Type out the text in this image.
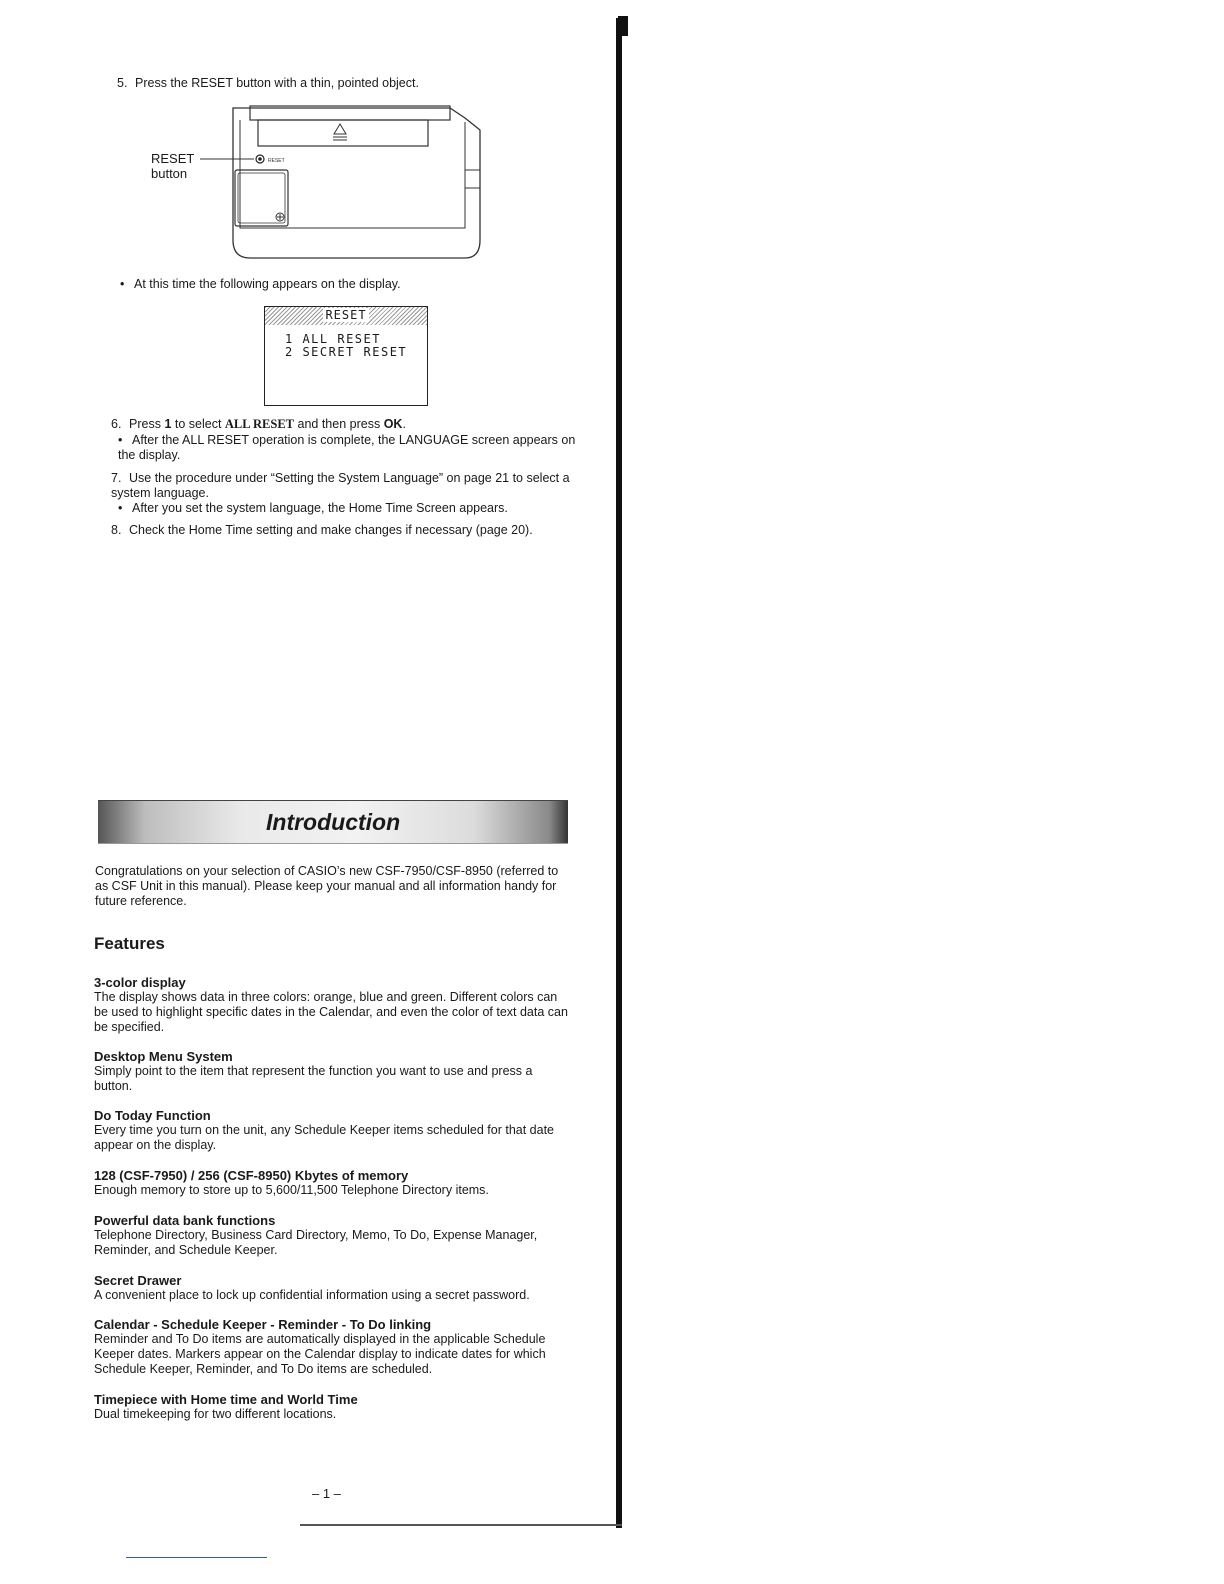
5. Press the RESET button with a thin, pointed object.
RESET
RESET
button
• At this time the following appears on the display.
RESET
1 ALL RESET
2 SECRET RESET
6. Press 1 to select ALL RESET and then press OK.
• After the ALL RESET operation is complete, the LANGUAGE screen appears on the display.
7. Use the procedure under “Setting the System Language” on page 21 to select a system language.
• After you set the system language, the Home Time Screen appears.
8. Check the Home Time setting and make changes if necessary (page 20).
Introduction
Congratulations on your selection of CASIO’s new CSF-7950/CSF-8950 (referred to as CSF Unit in this manual). Please keep your manual and all information handy for future reference.
Features
3-color display
The display shows data in three colors: orange, blue and green. Different colors can be used to highlight specific dates in the Calendar, and even the color of text data can be specified.
Desktop Menu System
Simply point to the item that represent the function you want to use and press a button.
Do Today Function
Every time you turn on the unit, any Schedule Keeper items scheduled for that date appear on the display.
128 (CSF-7950) / 256 (CSF-8950) Kbytes of memory
Enough memory to store up to 5,600/11,500 Telephone Directory items.
Powerful data bank functions
Telephone Directory, Business Card Directory, Memo, To Do, Expense Manager, Reminder, and Schedule Keeper.
Secret Drawer
A convenient place to lock up confidential information using a secret password.
Calendar - Schedule Keeper - Reminder - To Do linking
Reminder and To Do items are automatically displayed in the applicable Schedule Keeper dates. Markers appear on the Calendar display to indicate dates for which Schedule Keeper, Reminder, and To Do items are scheduled.
Timepiece with Home time and World Time
Dual timekeeping for two different locations.
– 1 –
